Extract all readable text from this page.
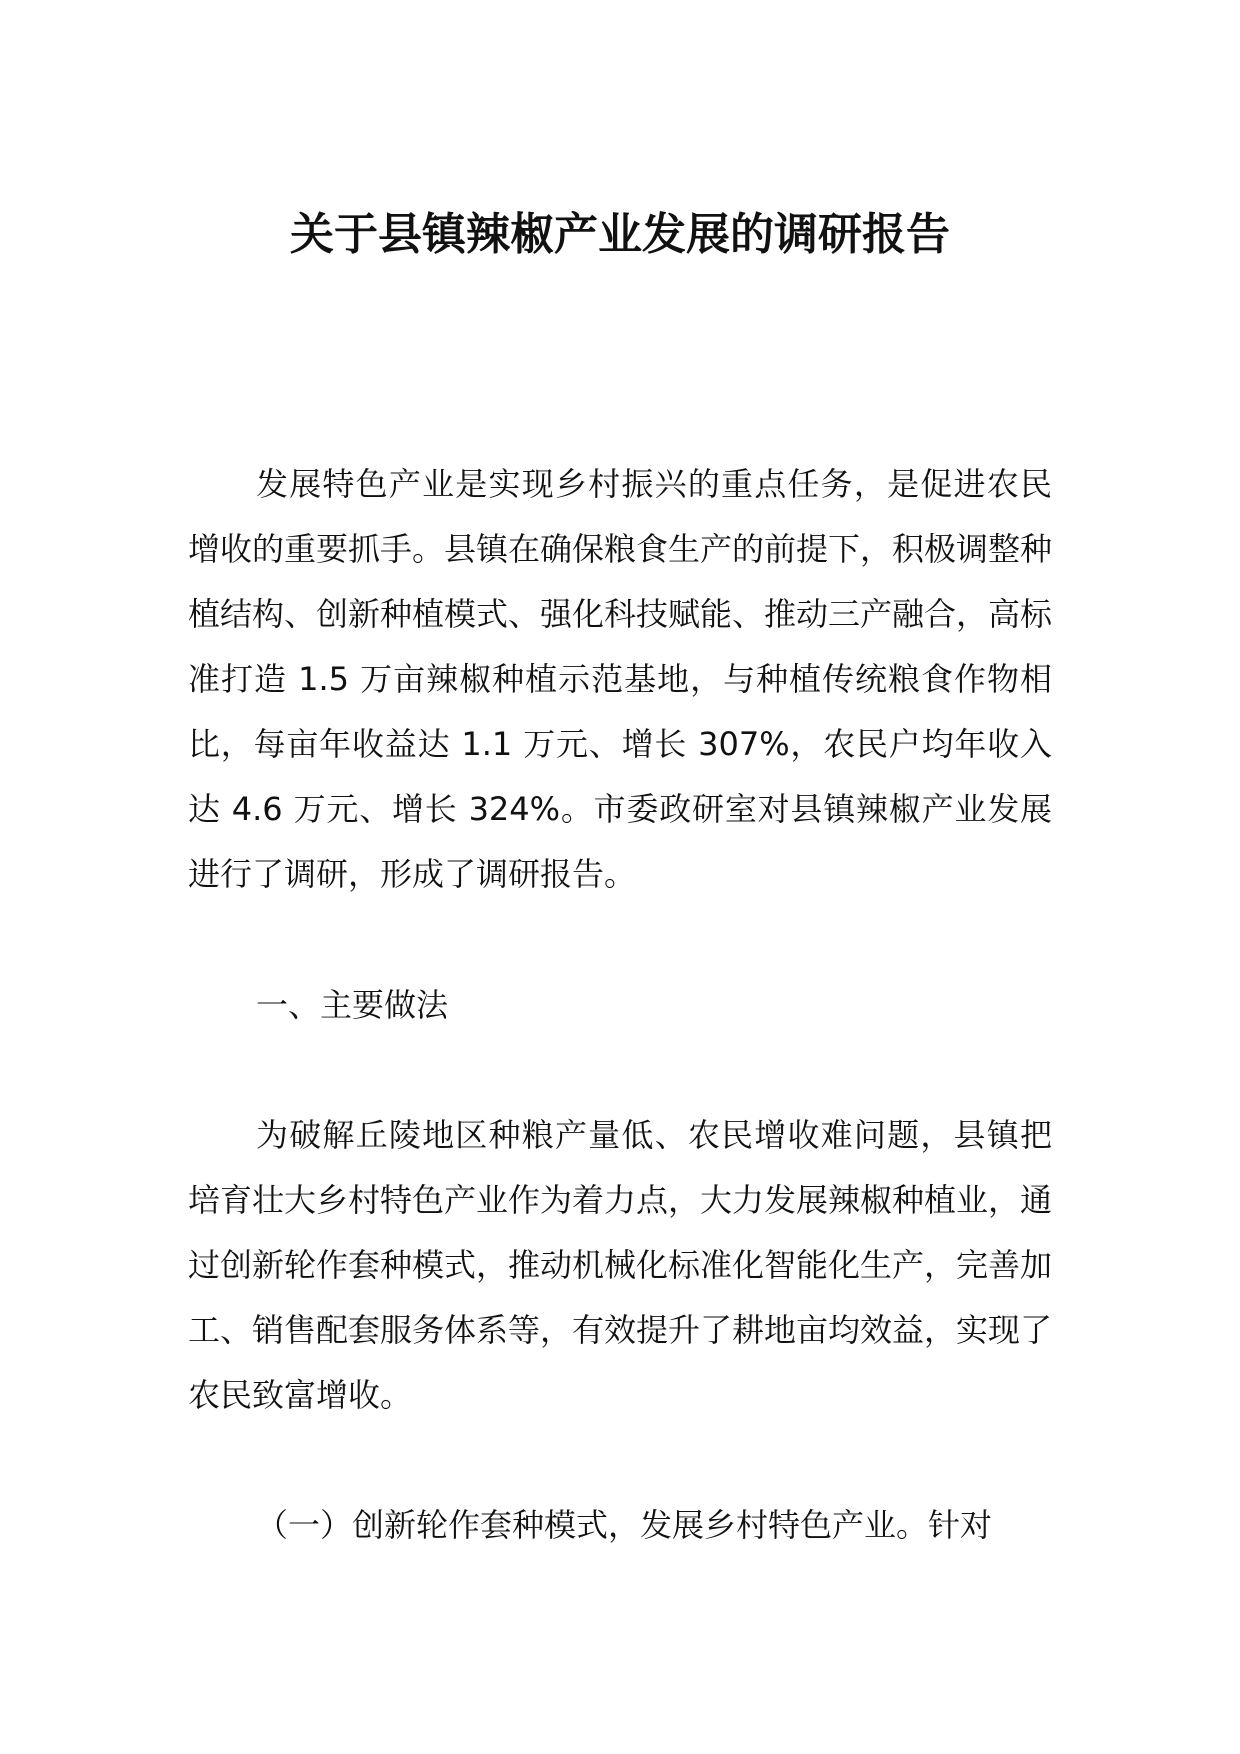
关于县镇辣椒产业发展的调研报告

发展特色产业是实现乡村振兴的重点任务，是促进农民增收的重要抓手。县镇在确保粮食生产的前提下，积极调整种植结构、创新种植模式、强化科技赋能、推动三产融合，高标准打造 1.5 万亩辣椒种植示范基地，与种植传统粮食作物相比，每亩年收益达 1.1 万元、增长 307%，农民户均年收入达 4.6 万元、增长 324%。市委政研室对县镇辣椒产业发展进行了调研，形成了调研报告。

一、主要做法

为破解丘陵地区种粮产量低、农民增收难问题，县镇把培育壮大乡村特色产业作为着力点，大力发展辣椒种植业，通过创新轮作套种模式，推动机械化标准化智能化生产，完善加工、销售配套服务体系等，有效提升了耕地亩均效益，实现了农民致富增收。

（一）创新轮作套种模式，发展乡村特色产业。针对
